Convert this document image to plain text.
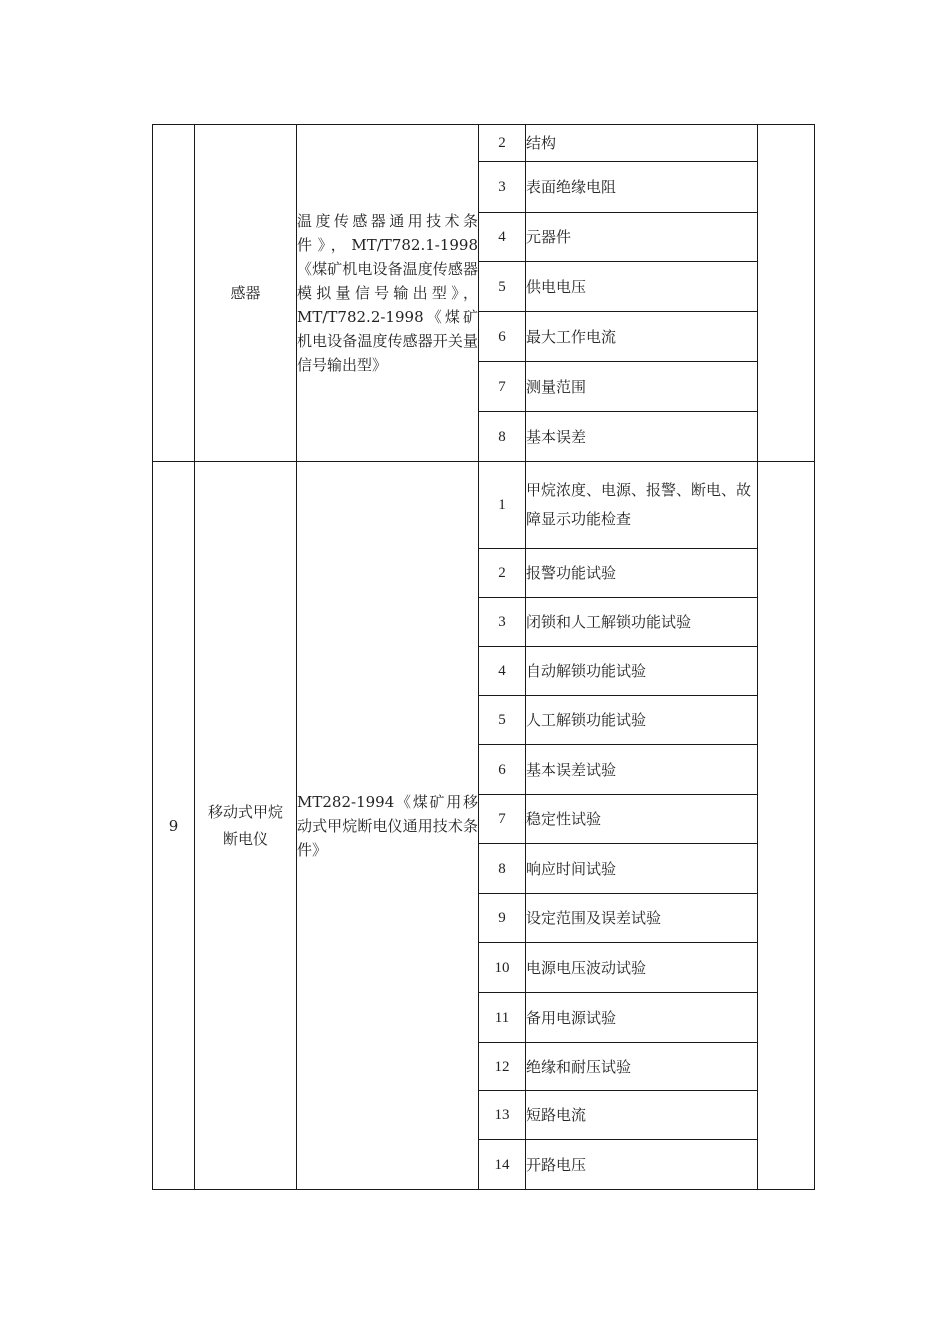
	感器	温度传感器通用技术条件》，MT/T782.1-1998《煤矿机电设备温度传感器模拟量信号输出型》，MT/T782.2-1998《煤矿机电设备温度传感器开关量信号输出型》	2	结构	
			3	表面绝缘电阻	
			4	元器件	
			5	供电电压	
			6	最大工作电流	
			7	测量范围	
			8	基本误差	
9	移动式甲烷断电仪	MT282-1994《煤矿用移动式甲烷断电仪通用技术条件》	1	甲烷浓度、电源、报警、断电、故障显示功能检查	
			2	报警功能试验	
			3	闭锁和人工解锁功能试验	
			4	自动解锁功能试验	
			5	人工解锁功能试验	
			6	基本误差试验	
			7	稳定性试验	
			8	响应时间试验	
			9	设定范围及误差试验	
			10	电源电压波动试验	
			11	备用电源试验	
			12	绝缘和耐压试验	
			13	短路电流	
			14	开路电压	
